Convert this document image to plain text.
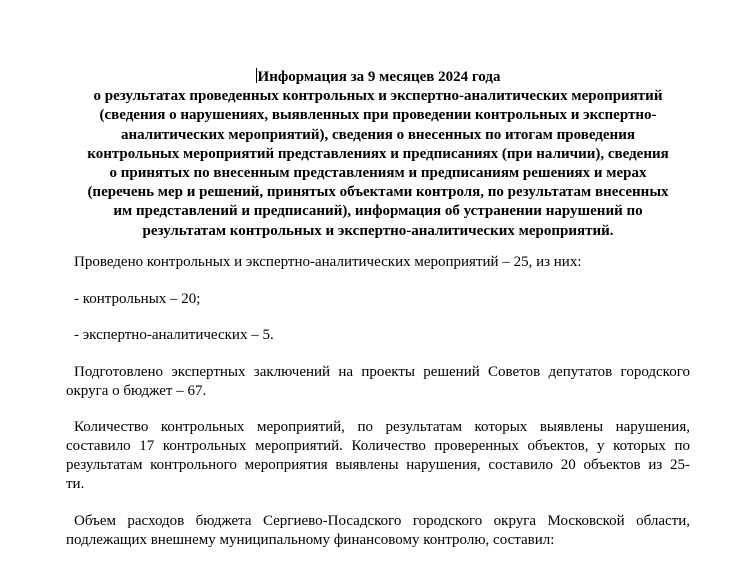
Информация за 9 месяцев 2024 года
о результатах проведенных контрольных и экспертно-аналитических мероприятий
(сведения о нарушениях, выявленных при проведении контрольных и экспертно-
аналитических мероприятий), сведения о внесенных по итогам проведения
контрольных мероприятий представлениях и предписаниях (при наличии), сведения
о принятых по внесенным представлениям и предписаниям решениях и мерах
(перечень мер и решений, принятых объектами контроля, по результатам внесенных
им представлений и предписаний), информация об устранении нарушений по
результатам контрольных и экспертно-аналитических мероприятий.
Проведено контрольных и экспертно-аналитических мероприятий – 25, из них:
- контрольных – 20;
- экспертно-аналитических – 5.
Подготовлено экспертных заключений на проекты решений Советов депутатов городского
округа о бюджет – 67.
Количество контрольных мероприятий, по результатам которых выявлены нарушения,
составило 17 контрольных мероприятий. Количество проверенных объектов, у которых по
результатам контрольного мероприятия выявлены нарушения, составило 20 объектов из 25-
ти.
Объем расходов бюджета Сергиево-Посадского городского округа Московской области,
подлежащих внешнему муниципальному финансовому контролю, составил:
